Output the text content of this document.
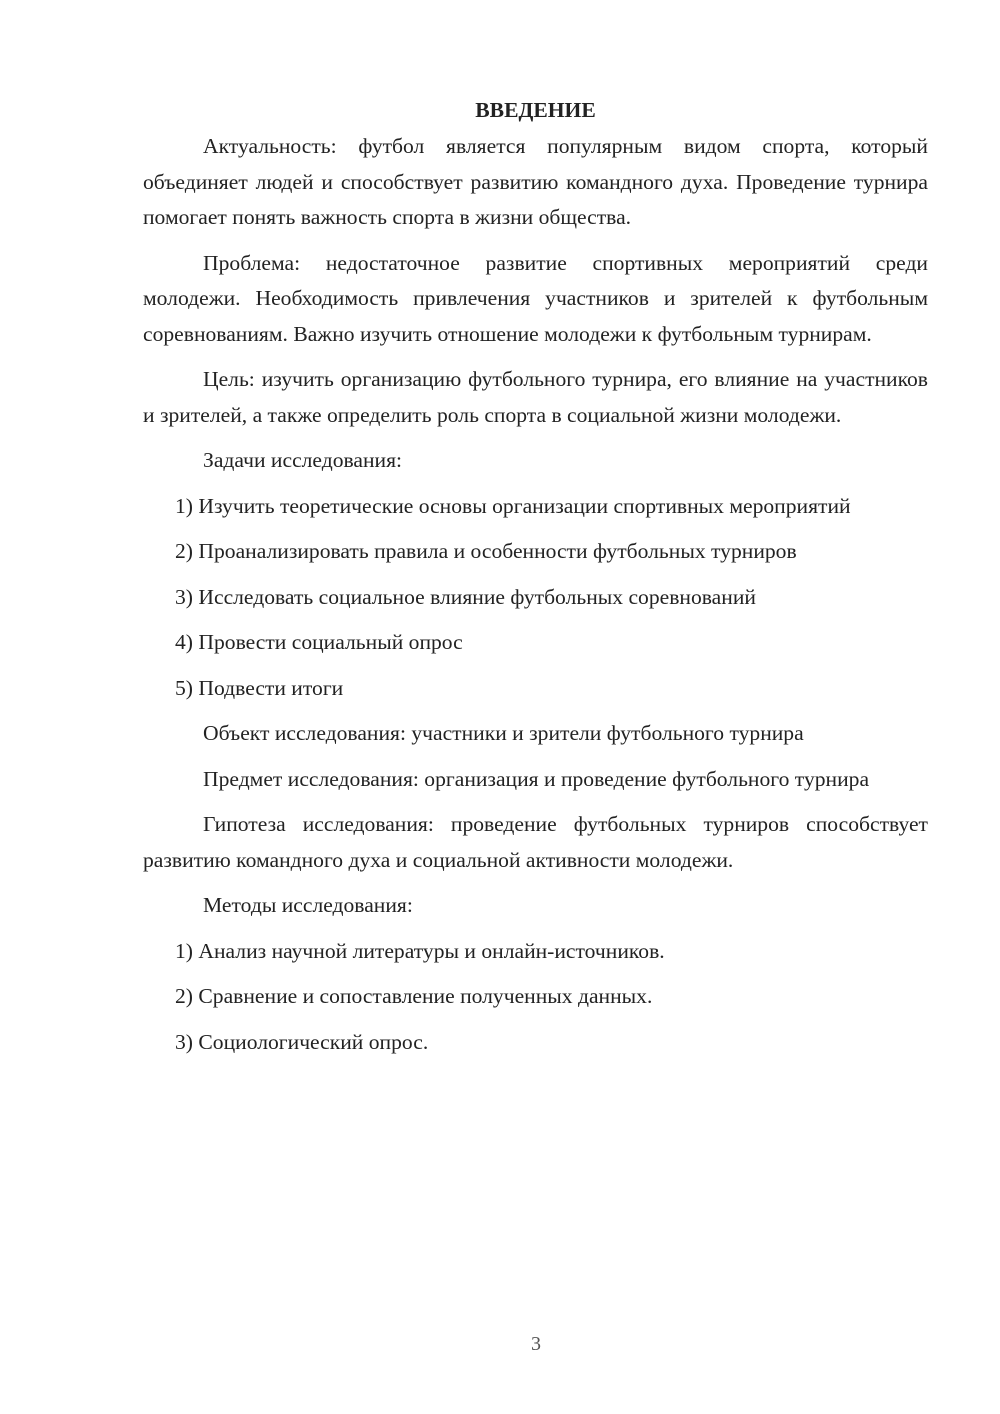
ВВЕДЕНИЕ

Актуальность: футбол является популярным видом спорта, который объединяет людей и способствует развитию командного духа. Проведение турнира помогает понять важность спорта в жизни общества.

Проблема: недостаточное развитие спортивных мероприятий среди молодежи. Необходимость привлечения участников и зрителей к футбольным соревнованиям. Важно изучить отношение молодежи к футбольным турнирам.

Цель: изучить организацию футбольного турнира, его влияние на участников и зрителей, а также определить роль спорта в социальной жизни молодежи.

Задачи исследования:

1) Изучить теоретические основы организации спортивных мероприятий

2) Проанализировать правила и особенности футбольных турниров

3) Исследовать социальное влияние футбольных соревнований

4) Провести социальный опрос

5) Подвести итоги

Объект исследования: участники и зрители футбольного турнира

Предмет исследования: организация и проведение футбольного турнира

Гипотеза исследования: проведение футбольных турниров способствует развитию командного духа и социальной активности молодежи.

Методы исследования:

1) Анализ научной литературы и онлайн-источников.

2) Сравнение и сопоставление полученных данных.

3) Социологический опрос.

3
